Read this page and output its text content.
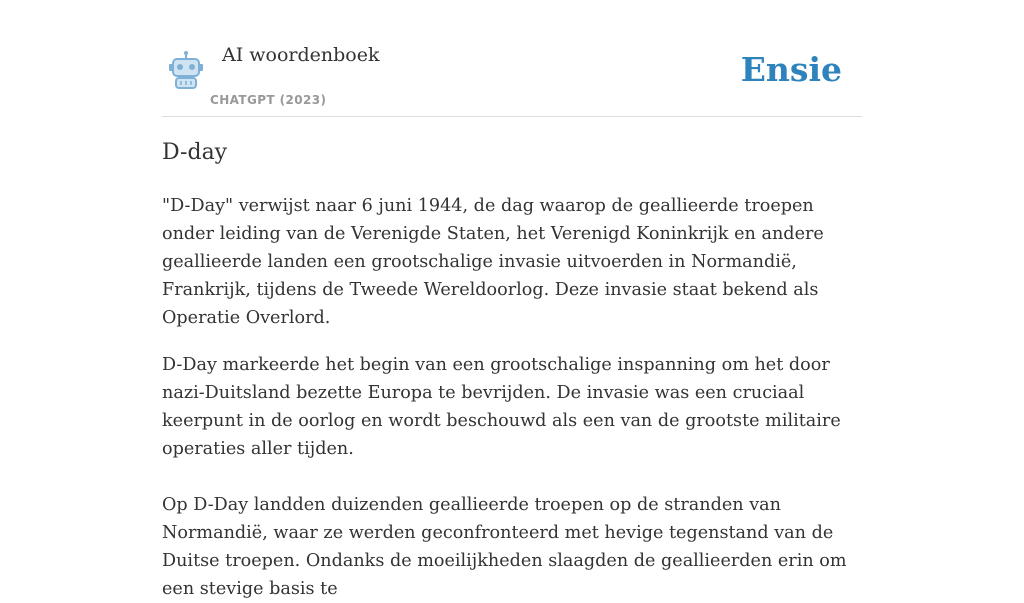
AI woordenboek
CHATGPT (2023)
Ensie
D-day

"D-Day" verwijst naar 6 juni 1944, de dag waarop de geallieerde troepen onder leiding van de Verenigde Staten, het Verenigd Koninkrijk en andere geallieerde landen een grootschalige invasie uitvoerden in Normandië, Frankrijk, tijdens de Tweede Wereldoorlog. Deze invasie staat bekend als Operatie Overlord.

D-Day markeerde het begin van een grootschalige inspanning om het door nazi-Duitsland bezette Europa te bevrijden. De invasie was een cruciaal keerpunt in de oorlog en wordt beschouwd als een van de grootste militaire operaties aller tijden.

Op D-Day landden duizenden geallieerde troepen op de stranden van Normandië, waar ze werden geconfronteerd met hevige tegenstand van de Duitse troepen. Ondanks de moeilijkheden slaagden de geallieerden erin om een stevige basis te
